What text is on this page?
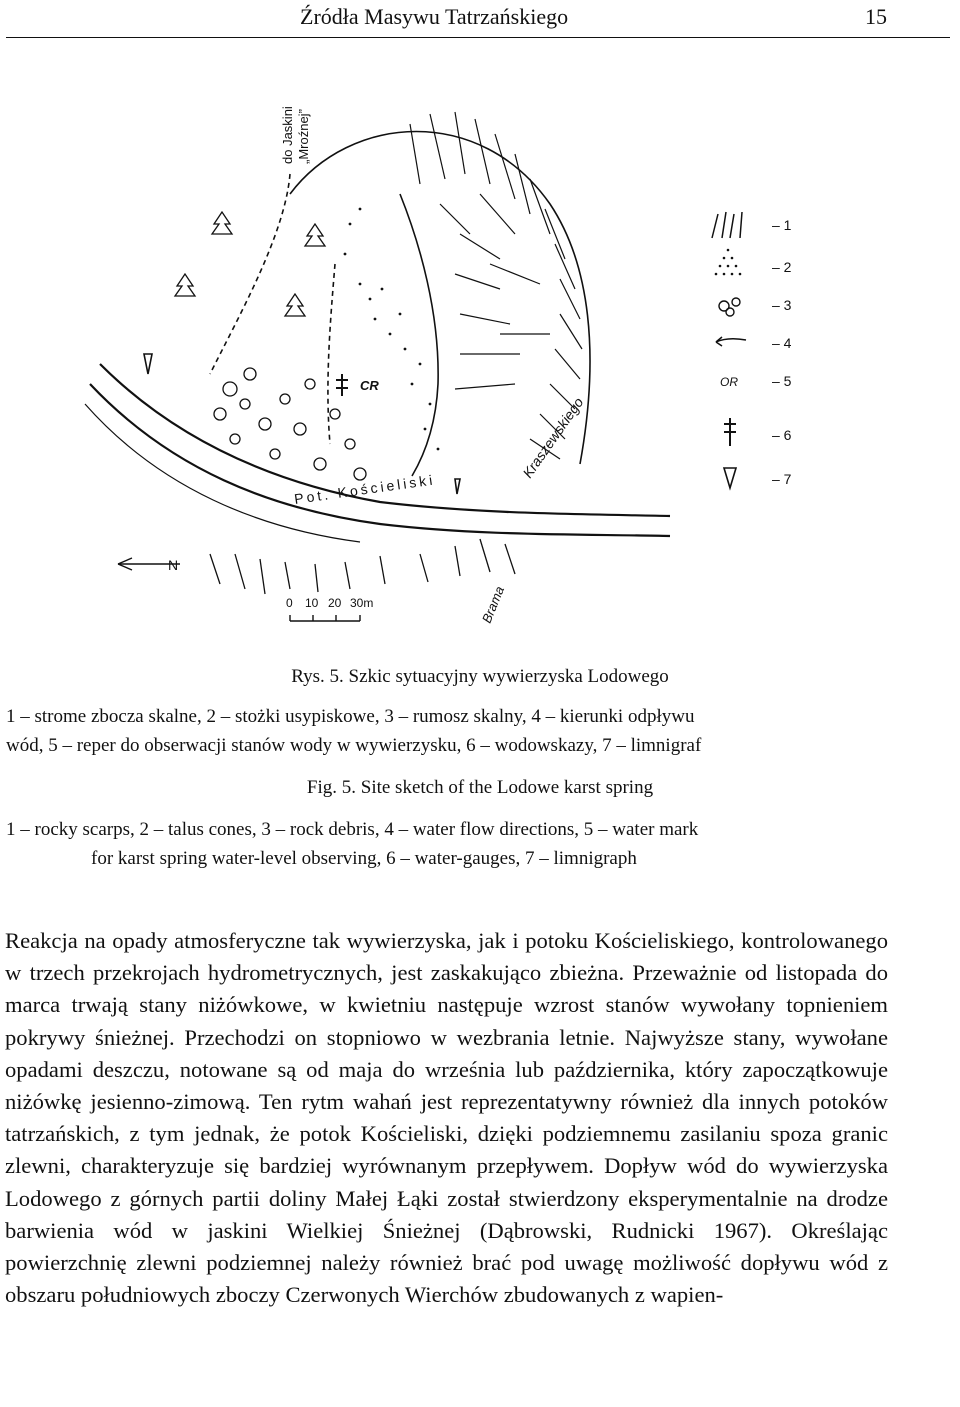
Źródła Masywu Tatrzańskiego	15
do Jaskini „Mroźnej”
CR
Pot. Kościeliski
Kraszewskiego
Brama
N
0 10 20 30m
– 1
– 2
– 3
– 4
OR – 5
– 6
– 7
Rys. 5. Szkic sytuacyjny wywierzyska Lodowego
1 – strome zbocza skalne, 2 – stożki usypiskowe, 3 – rumosz skalny, 4 – kierunki odpływu
wód, 5 – reper do obserwacji stanów wody w wywierzysku, 6 – wodowskazy, 7 – limnigraf
Fig. 5. Site sketch of the Lodowe karst spring
1 – rocky scarps, 2 – talus cones, 3 – rock debris, 4 – water flow directions, 5 – water mark
for karst spring water-level observing, 6 – water-gauges, 7 – limnigraph
Reakcja na opady atmosferyczne tak wywierzyska, jak i potoku Kościeliskiego, kontrolowanego w trzech przekrojach hydrometrycznych, jest zaskakująco zbieżna. Przeważnie od listopada do marca trwają stany niżówkowe, w kwietniu następuje wzrost stanów wywołany topnieniem pokrywy śnieżnej. Przechodzi on stopniowo w wezbrania letnie. Najwyższe stany, wywołane opadami deszczu, notowane są od maja do września lub października, który zapoczątkowuje niżówkę jesienno-zimową. Ten rytm wahań jest reprezentatywny również dla innych potoków tatrzańskich, z tym jednak, że potok Kościeliski, dzięki podziemnemu zasilaniu spoza granic zlewni, charakteryzuje się bardziej wyrównanym przepływem. Dopływ wód do wywierzyska Lodowego z górnych partii doliny Małej Łąki został stwierdzony eksperymentalnie na drodze barwienia wód w jaskini Wielkiej Śnieżnej (Dąbrowski, Rudnicki 1967). Określając powierzchnię zlewni podziemnej należy również brać pod uwagę możliwość dopływu wód z obszaru południowych zboczy Czerwonych Wierchów zbudowanych z wapien-
